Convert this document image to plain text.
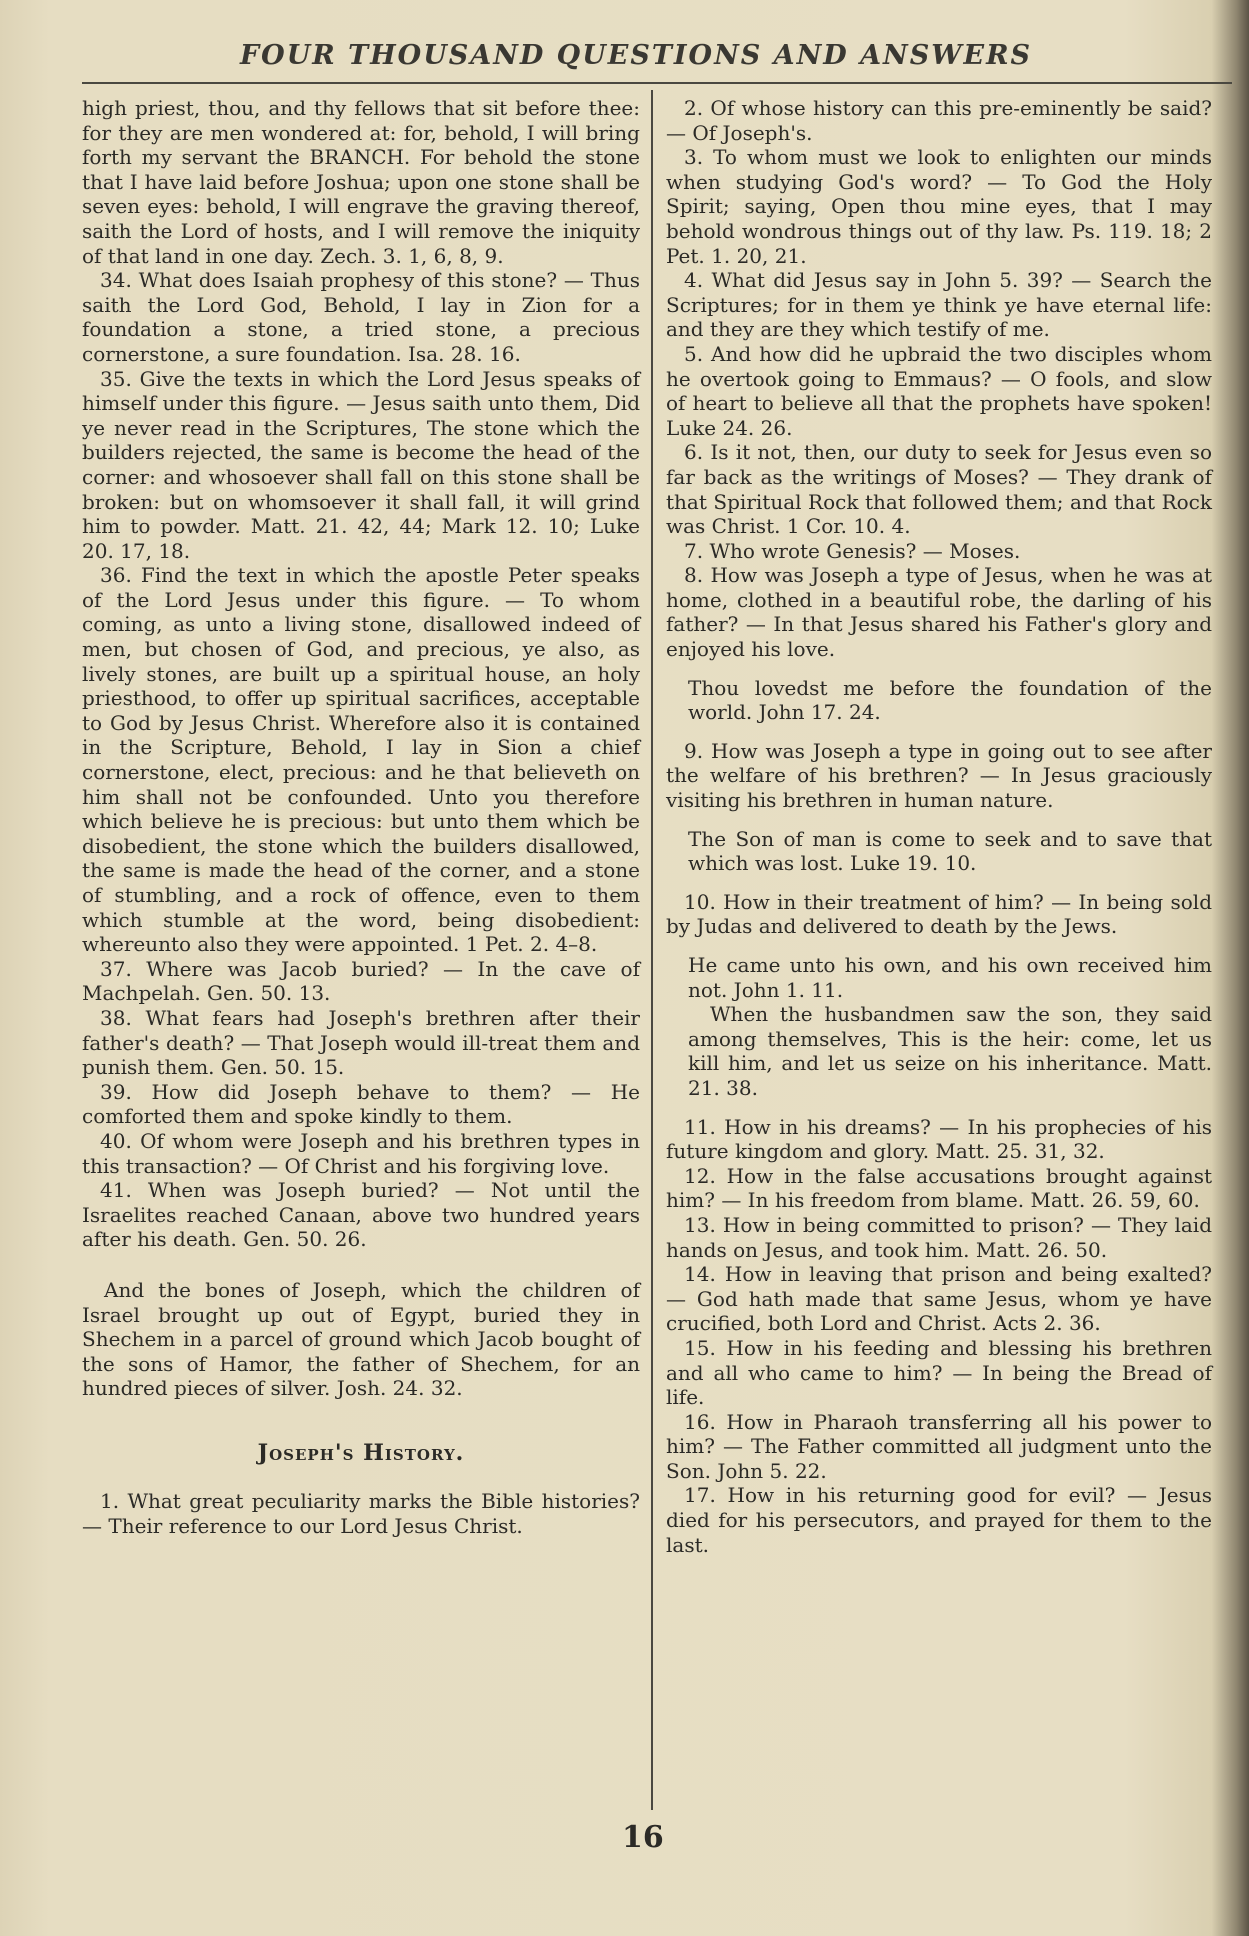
FOUR THOUSAND QUESTIONS AND ANSWERS

high priest, thou, and thy fellows that sit before thee: for they are men wondered at: for, behold, I will bring forth my servant the BRANCH. For behold the stone that I have laid before Joshua; upon one stone shall be seven eyes: behold, I will engrave the graving thereof, saith the Lord of hosts, and I will remove the iniquity of that land in one day. Zech. 3. 1, 6, 8, 9.

34. What does Isaiah prophesy of this stone? — Thus saith the Lord God, Behold, I lay in Zion for a foundation a stone, a tried stone, a precious cornerstone, a sure foundation. Isa. 28. 16.

35. Give the texts in which the Lord Jesus speaks of himself under this figure. — Jesus saith unto them, Did ye never read in the Scriptures, The stone which the builders rejected, the same is become the head of the corner: and whosoever shall fall on this stone shall be broken: but on whomsoever it shall fall, it will grind him to powder. Matt. 21. 42, 44; Mark 12. 10; Luke 20. 17, 18.

36. Find the text in which the apostle Peter speaks of the Lord Jesus under this figure. — To whom coming, as unto a living stone, disallowed indeed of men, but chosen of God, and precious, ye also, as lively stones, are built up a spiritual house, an holy priesthood, to offer up spiritual sacrifices, acceptable to God by Jesus Christ. Wherefore also it is contained in the Scripture, Behold, I lay in Sion a chief cornerstone, elect, precious: and he that believeth on him shall not be confounded. Unto you therefore which believe he is precious: but unto them which be disobedient, the stone which the builders disallowed, the same is made the head of the corner, and a stone of stumbling, and a rock of offence, even to them which stumble at the word, being disobedient: whereunto also they were appointed. 1 Pet. 2. 4–8.

37. Where was Jacob buried? — In the cave of Machpelah. Gen. 50. 13.

38. What fears had Joseph's brethren after their father's death? — That Joseph would ill-treat them and punish them. Gen. 50. 15.

39. How did Joseph behave to them? — He comforted them and spoke kindly to them.

40. Of whom were Joseph and his brethren types in this transaction? — Of Christ and his forgiving love.

41. When was Joseph buried? — Not until the Israelites reached Canaan, above two hundred years after his death. Gen. 50. 26.

And the bones of Joseph, which the children of Israel brought up out of Egypt, buried they in Shechem in a parcel of ground which Jacob bought of the sons of Hamor, the father of Shechem, for an hundred pieces of silver. Josh. 24. 32.

Joseph's History.

1. What great peculiarity marks the Bible histories? — Their reference to our Lord Jesus Christ.

2. Of whose history can this pre-eminently be said? — Of Joseph's.

3. To whom must we look to enlighten our minds when studying God's word? — To God the Holy Spirit; saying, Open thou mine eyes, that I may behold wondrous things out of thy law. Ps. 119. 18; 2 Pet. 1. 20, 21.

4. What did Jesus say in John 5. 39? — Search the Scriptures; for in them ye think ye have eternal life: and they are they which testify of me.

5. And how did he upbraid the two disciples whom he overtook going to Emmaus? — O fools, and slow of heart to believe all that the prophets have spoken! Luke 24. 26.

6. Is it not, then, our duty to seek for Jesus even so far back as the writings of Moses? — They drank of that Spiritual Rock that followed them; and that Rock was Christ. 1 Cor. 10. 4.

7. Who wrote Genesis? — Moses.

8. How was Joseph a type of Jesus, when he was at home, clothed in a beautiful robe, the darling of his father? — In that Jesus shared his Father's glory and enjoyed his love.

Thou lovedst me before the foundation of the world. John 17. 24.

9. How was Joseph a type in going out to see after the welfare of his brethren? — In Jesus graciously visiting his brethren in human nature.

The Son of man is come to seek and to save that which was lost. Luke 19. 10.

10. How in their treatment of him? — In being sold by Judas and delivered to death by the Jews.

He came unto his own, and his own received him not. John 1. 11.

When the husbandmen saw the son, they said among themselves, This is the heir: come, let us kill him, and let us seize on his inheritance. Matt. 21. 38.

11. How in his dreams? — In his prophecies of his future kingdom and glory. Matt. 25. 31, 32.

12. How in the false accusations brought against him? — In his freedom from blame. Matt. 26. 59, 60.

13. How in being committed to prison? — They laid hands on Jesus, and took him. Matt. 26. 50.

14. How in leaving that prison and being exalted? — God hath made that same Jesus, whom ye have crucified, both Lord and Christ. Acts 2. 36.

15. How in his feeding and blessing his brethren and all who came to him? — In being the Bread of life.

16. How in Pharaoh transferring all his power to him? — The Father committed all judgment unto the Son. John 5. 22.

17. How in his returning good for evil? — Jesus died for his persecutors, and prayed for them to the last.

16
